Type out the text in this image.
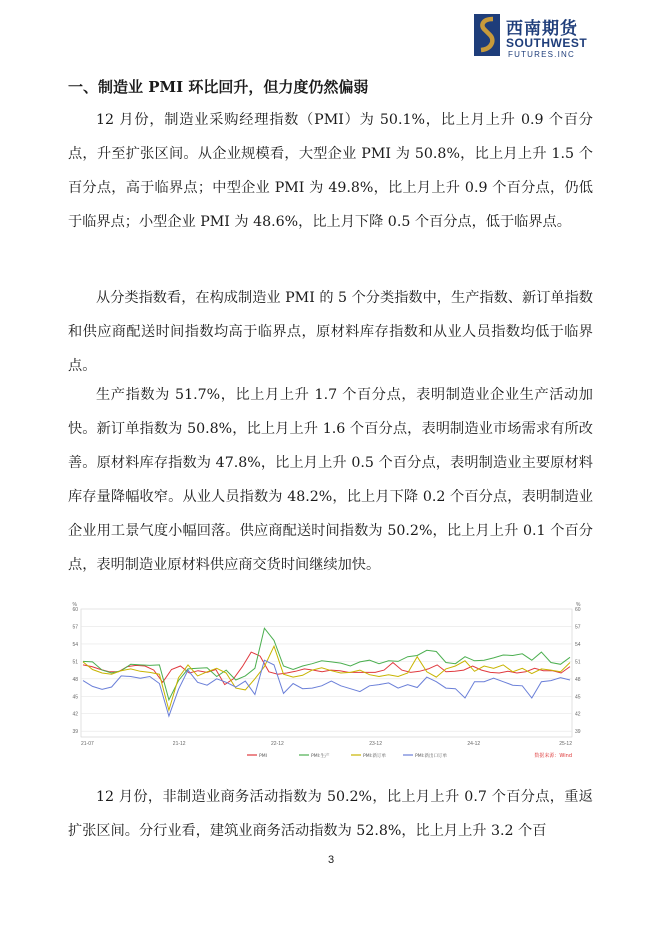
西南期货
SOUTHWEST
FUTURES.INC
一、制造业 PMI 环比回升，但力度仍然偏弱

12 月份，制造业采购经理指数（PMI）为 50.1%，比上月上升 0.9 个百分点，升至扩张区间。从企业规模看，大型企业 PMI 为 50.8%，比上月上升 1.5 个百分点，高于临界点；中型企业 PMI 为 49.8%，比上月上升 0.9 个百分点，仍低于临界点；小型企业 PMI 为 48.6%，比上月下降 0.5 个百分点，低于临界点。

从分类指数看，在构成制造业 PMI 的 5 个分类指数中，生产指数、新订单指数和供应商配送时间指数均高于临界点，原材料库存指数和从业人员指数均低于临界点。

生产指数为 51.7%，比上月上升 1.7 个百分点，表明制造业企业生产活动加快。新订单指数为 50.8%，比上月上升 1.6 个百分点，表明制造业市场需求有所改善。原材料库存指数为 47.8%，比上月上升 0.5 个百分点，表明制造业主要原材料库存量降幅收窄。从业人员指数为 48.2%，比上月下降 0.2 个百分点，表明制造业企业用工景气度小幅回落。供应商配送时间指数为 50.2%，比上月上升 0.1 个百分点，表明制造业原材料供应商交货时间继续加快。

%	%
60	60
57	57
54	54
51	51
48	48
45	45
42	42
39	39
21-07	21-12	22-12	23-12	24-12	25-12
PMI	PMI:生产	PMI:新订单	PMI:新出口订单	数据来源：Wind

12 月份，非制造业商务活动指数为 50.2%，比上月上升 0.7 个百分点，重返扩张区间。分行业看，建筑业商务活动指数为 52.8%，比上月上升 3.2 个百

3
